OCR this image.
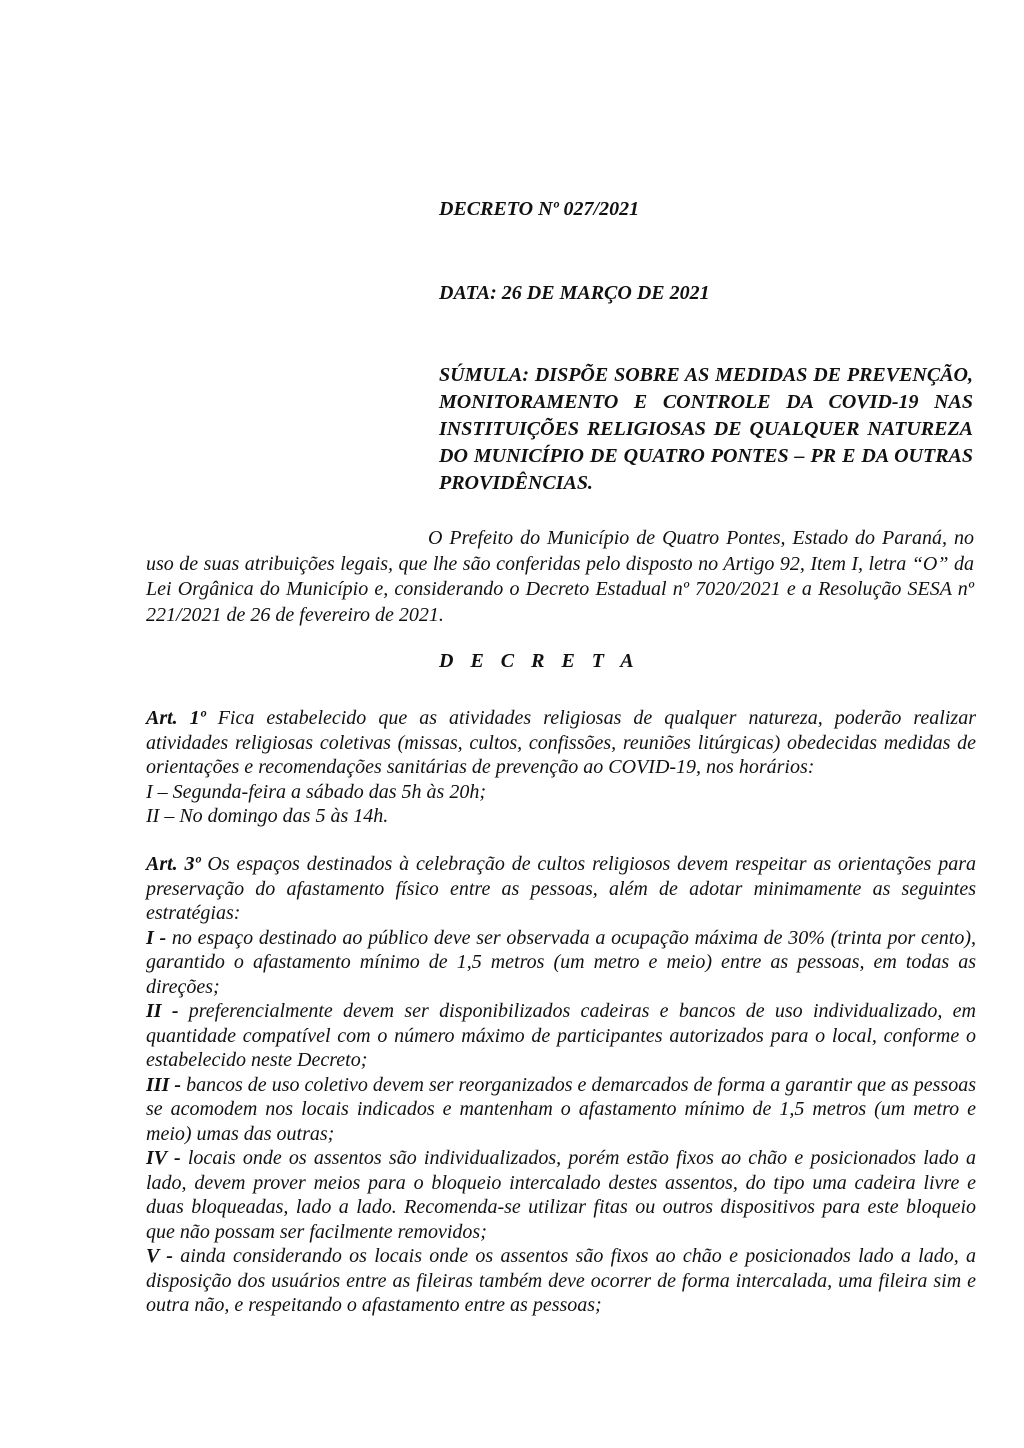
DECRETO Nº 027/2021
DATA: 26 DE MARÇO DE 2021
SÚMULA: DISPÕE SOBRE AS MEDIDAS DE PREVENÇÃO, MONITORAMENTO E CONTROLE DA COVID-19 NAS INSTITUIÇÕES RELIGIOSAS DE QUALQUER NATUREZA DO MUNICÍPIO DE QUATRO PONTES – PR E DA OUTRAS PROVIDÊNCIAS.
O Prefeito do Município de Quatro Pontes, Estado do Paraná, no uso de suas atribuições legais, que lhe são conferidas pelo disposto no Artigo 92, Item I, letra “O” da Lei Orgânica do Município e, considerando o Decreto Estadual nº 7020/2021 e a Resolução SESA nº 221/2021 de 26 de fevereiro de 2021.
D E C R E T A

Art. 1º Fica estabelecido que as atividades religiosas de qualquer natureza, poderão realizar atividades religiosas coletivas (missas, cultos, confissões, reuniões litúrgicas) obedecidas medidas de orientações e recomendações sanitárias de prevenção ao COVID-19, nos horários:

I – Segunda-feira a sábado das 5h às 20h;

II – No domingo das 5 às 14h.

Art. 3º Os espaços destinados à celebração de cultos religiosos devem respeitar as orientações para preservação do afastamento físico entre as pessoas, além de adotar minimamente as seguintes estratégias:

I - no espaço destinado ao público deve ser observada a ocupação máxima de 30% (trinta por cento), garantido o afastamento mínimo de 1,5 metros (um metro e meio) entre as pessoas, em todas as direções;

II - preferencialmente devem ser disponibilizados cadeiras e bancos de uso individualizado, em quantidade compatível com o número máximo de participantes autorizados para o local, conforme o estabelecido neste Decreto;

III - bancos de uso coletivo devem ser reorganizados e demarcados de forma a garantir que as pessoas se acomodem nos locais indicados e mantenham o afastamento mínimo de 1,5 metros (um metro e meio) umas das outras;

IV - locais onde os assentos são individualizados, porém estão fixos ao chão e posicionados lado a lado, devem prover meios para o bloqueio intercalado destes assentos, do tipo uma cadeira livre e duas bloqueadas, lado a lado. Recomenda-se utilizar fitas ou outros dispositivos para este bloqueio que não possam ser facilmente removidos;

V - ainda considerando os locais onde os assentos são fixos ao chão e posicionados lado a lado, a disposição dos usuários entre as fileiras também deve ocorrer de forma intercalada, uma fileira sim e outra não, e respeitando o afastamento entre as pessoas;
